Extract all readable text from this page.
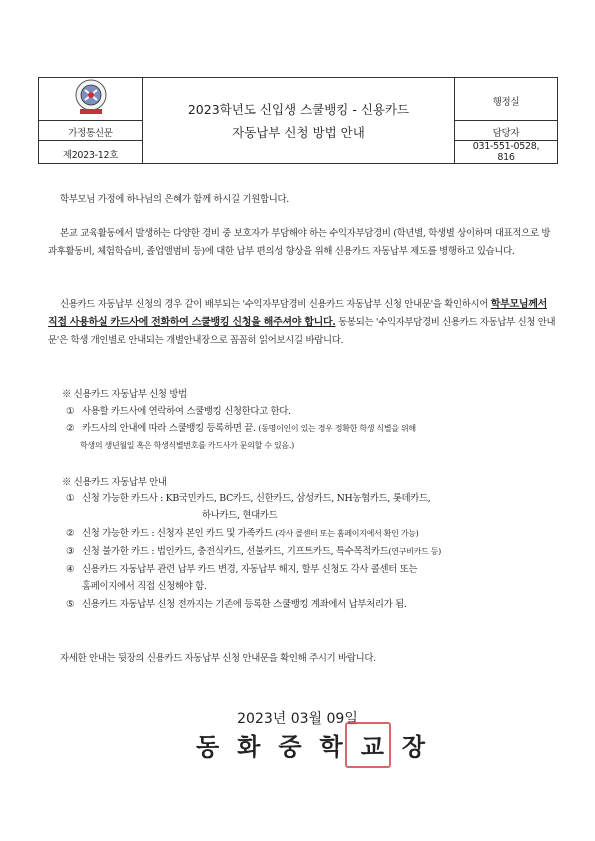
2023학년도 신입생 스쿨뱅킹 - 신용카드
자동납부 신청 방법 안내	행정실
가정통신문		담당자
제2023-12호		031-551-0528,
816

학부모님 가정에 하나님의 은혜가 함께 하시길 기원합니다.

본교 교육활동에서 발생하는 다양한 경비 중 보호자가 부담해야 하는 수익자부담경비 (학년별, 학생별 상이하며 대표적으로 방과후활동비, 체험학습비, 졸업앨범비 등)에 대한 납부 편의성 향상을 위해 신용카드 자동납부 제도를 병행하고 있습니다.

신용카드 자동납부 신청의 경우 같이 배부되는 '수익자부담경비 신용카드 자동납부 신청 안내문'을 확인하시어 학부모님께서 직접 사용하실 카드사에 전화하여 스쿨뱅킹 신청을 해주셔야 합니다. 동봉되는 '수익자부담경비 신용카드 자동납부 신청 안내문'은 학생 개인별로 안내되는 개별안내장으로 꼼꼼히 읽어보시길 바랍니다.

※ 신용카드 자동납부 신청 방법
① 사용할 카드사에 연락하여 스쿨뱅킹 신청한다고 한다.
② 카드사의 안내에 따라 스쿨뱅킹 등록하면 끝. (동명이인이 있는 경우 정확한 학생 식별을 위해
학생의 생년월일 혹은 학생식별번호를 카드사가 문의할 수 있음.)
※ 신용카드 자동납부 안내
① 신청 가능한 카드사 : KB국민카드, BC카드, 신한카드, 삼성카드, NH농협카드, 롯데카드,
하나카드, 현대카드
② 신청 가능한 카드 : 신청자 본인 카드 및 가족카드 (각사 콜센터 또는 홈페이지에서 확인 가능)
③ 신청 불가한 카드 : 법인카드, 충전식카드, 선불카드, 기프트카드, 특수목적카드(연구비카드 등)
④ 신용카드 자동납부 관련 납부 카드 변경, 자동납부 해지, 할부 신청도 각사 콜센터 또는
홈페이지에서 직접 신청해야 함.
⑤ 신용카드 자동납부 신청 전까지는 기존에 등록한 스쿨뱅킹 계좌에서 납부처리가 됨.

자세한 안내는 뒷장의 신용카드 자동납부 신청 안내문을 확인해 주시기 바랍니다.

2023년 03월 09일
동화중학교장
